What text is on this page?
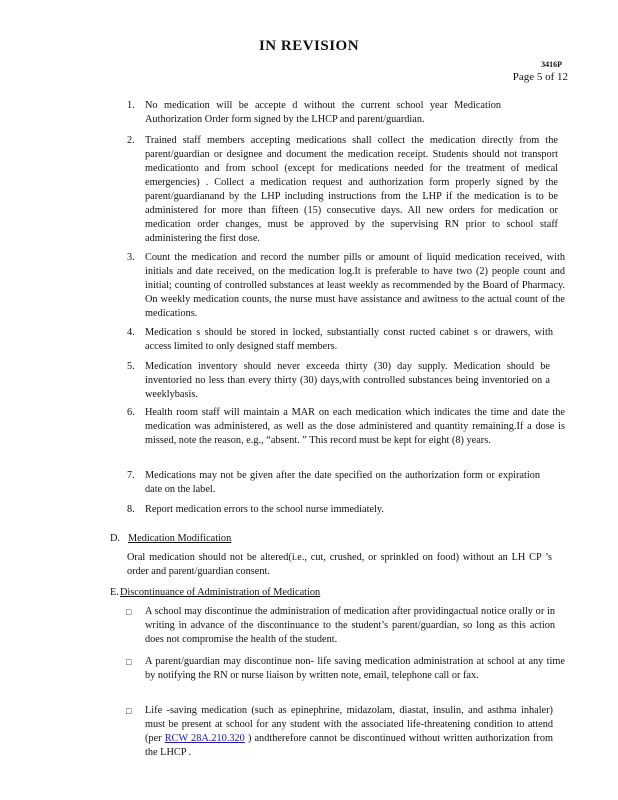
IN REVISION
3416P
Page 5 of 12
1. No medication will be accepte d without the current school year Medication Authorization Order form signed by the LHCP and parent/guardian.

2. Trained staff members accepting medications shall collect the medication directly from the parent/guardian or designee and document the medication receipt. Students should not transport medicationto and from school (except for medications needed for the treatment of medical emergencies) . Collect a medication request and authorization form properly signed by the parent/guardianand by the LHP including instructions from the LHP if the medication is to be administered for more than fifteen (15) consecutive days. All new orders for medication or medication order changes, must be approved by the supervising RN prior to school staff administering the first dose.

3. Count the medication and record the number pills or amount of liquid medication received, with initials and date received, on the medication log.It is preferable to have two (2) people count and initial; counting of controlled substances at least weekly as recommended by the Board of Pharmacy. On weekly medication counts, the nurse must have assistance and awitness to the actual count of the medications.

4. Medication s should be stored in locked, substantially const ructed cabinet s or drawers, with access limited to only designed staff members.

5. Medication inventory should never exceeda thirty (30) day supply. Medication should be inventoried no less than every thirty (30) days,with controlled substances being inventoried on a weeklybasis.

6. Health room staff will maintain a MAR on each medication which indicates the time and date the medication was administered, as well as the dose administered and quantity remaining.If a dose is missed, note the reason, e.g., “absent. ” This record must be kept for eight (8) years.

7. Medications may not be given after the date specified on the authorization form or expiration date on the label.

8. Report medication errors to the school nurse immediately.

D. Medication Modification

Oral medication should not be altered(i.e., cut, crushed, or sprinkled on food) without an LH CP ’s order and parent/guardian consent.

E. Discontinuance of Administration of Medication
□ A school may discontinue the administration of medication after providingactual notice orally or in writing in advance of the discontinuance to the student’s parent/guardian, so long as this action does not compromise the health of the student.

□ A parent/guardian may discontinue non- life saving medication administration at school at any time by notifying the RN or nurse liaison by written note, email, telephone call or fax.

□ Life -saving medication (such as epinephrine, midazolam, diastat, insulin, and asthma inhaler) must be present at school for any student with the associated life-threatening condition to attend (per RCW 28A.210.320 ) andtherefore cannot be discontinued without written authorization from the LHCP .
